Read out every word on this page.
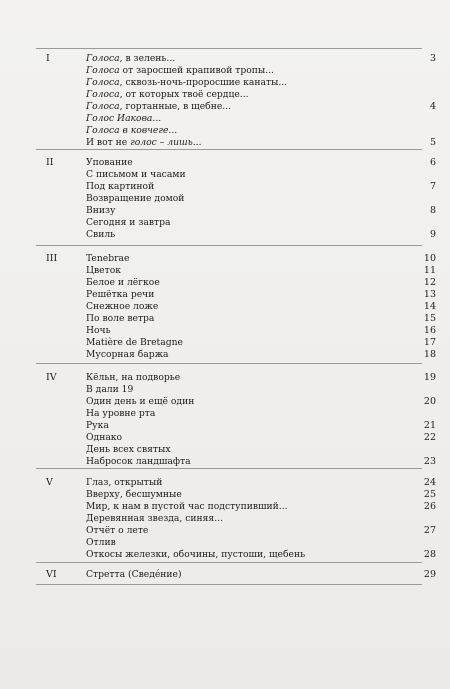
I	Голоса, в зелень...	3
Голоса от заросшей крапивой тропы...
Голоса, сквозь-ночь-проросшие канаты...
Голоса, от которых твоё сердце...
Голоса, гортанные, в щебне...	4
Голос Иакова...
Голоса в ковчеге...
И вот не голос – лишь...	5
II	Упование	6
С письмом и часами
Под картиной	7
Возвращение домой
Внизу	8
Сегодня и завтра
Свиль	9
III	Tenebrae	10
Цветок	11
Белое и лёгкое	12
Решётка речи	13
Снежное ложе	14
По воле ветра	15
Ночь	16
Matière de Bretagne	17
Мусорная баржа	18
IV	Кёльн, на подворье	19
В дали 19
Один день и ещё один	20
На уровне рта
Рука	21
Однако	22
День всех святых
Набросок ландшафта	23
V	Глаз, открытый	24
Вверху, бесшумные	25
Мир, к нам в пустой час подступивший...	26
Деревянная звезда, синяя...
Отчёт о лете	27
Отлив
Откосы железки, обочины, пустоши, щебень	28
VI	Стретта (Сведéние)	29
